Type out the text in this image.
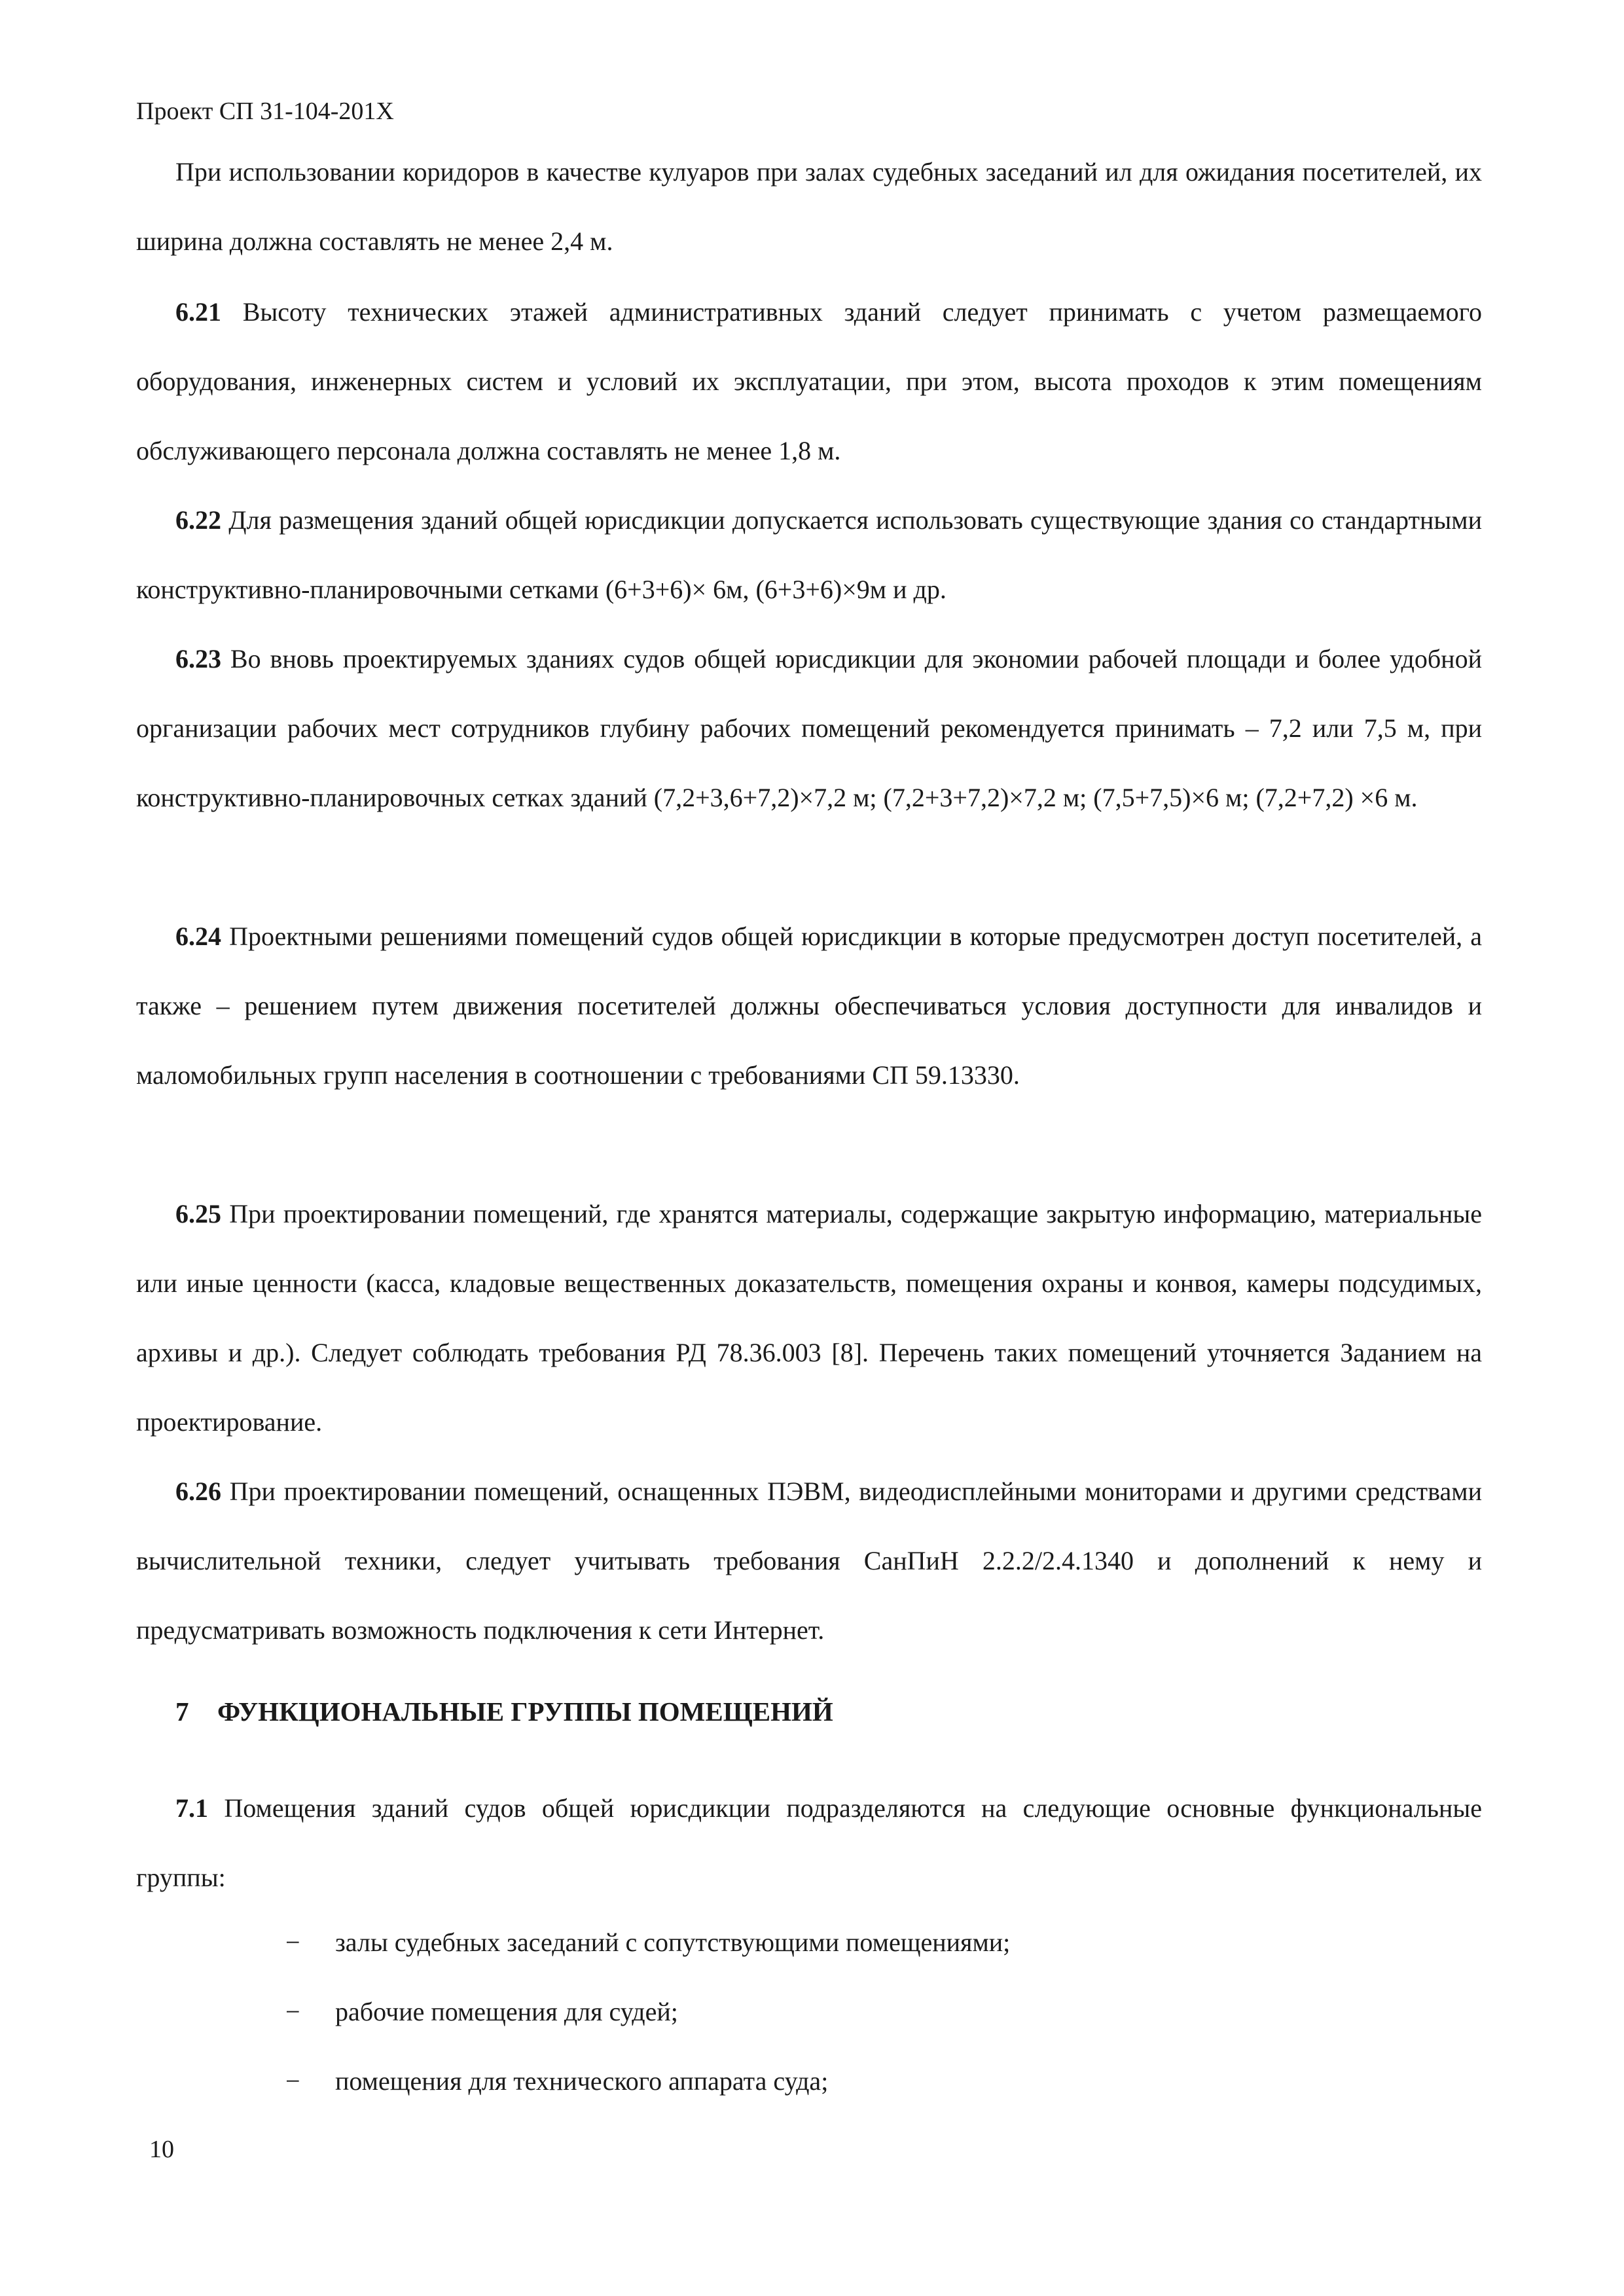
Проект СП 31-104-201Х

При использовании коридоров в качестве кулуаров при залах судебных заседаний ил для ожидания посетителей, их ширина должна составлять не менее 2,4 м.

6.21 Высоту технических этажей административных зданий следует принимать с учетом размещаемого оборудования, инженерных систем и условий их эксплуатации, при этом, высота проходов к этим помещениям обслуживающего персонала должна составлять не менее 1,8 м.

6.22 Для размещения зданий общей юрисдикции допускается использовать существующие здания со стандартными конструктивно-планировочными сетками (6+3+6)× 6м, (6+3+6)×9м и др.

6.23 Во вновь проектируемых зданиях судов общей юрисдикции для экономии рабочей площади и более удобной организации рабочих мест сотрудников глубину рабочих помещений рекомендуется принимать – 7,2 или 7,5 м, при конструктивно-планировочных сетках зданий (7,2+3,6+7,2)×7,2 м; (7,2+3+7,2)×7,2 м; (7,5+7,5)×6 м; (7,2+7,2) ×6 м.

6.24 Проектными решениями помещений судов общей юрисдикции в которые предусмотрен доступ посетителей, а также – решением путем движения посетителей должны обеспечиваться условия доступности для инвалидов и маломобильных групп населения в соотношении с требованиями СП 59.13330.

6.25 При проектировании помещений, где хранятся материалы, содержащие закрытую информацию, материальные или иные ценности (касса, кладовые вещественных доказательств, помещения охраны и конвоя, камеры подсудимых, архивы и др.). Следует соблюдать требования РД 78.36.003 [8]. Перечень таких помещений уточняется Заданием на проектирование.

6.26 При проектировании помещений, оснащенных ПЭВМ, видеодисплейными мониторами и другими средствами вычислительной техники, следует учитывать требования СанПиН 2.2.2/2.4.1340 и дополнений к нему и предусматривать возможность подключения к сети Интернет.

7 ФУНКЦИОНАЛЬНЫЕ ГРУППЫ ПОМЕЩЕНИЙ

7.1 Помещения зданий судов общей юрисдикции подразделяются на следующие основные функциональные группы:

− залы судебных заседаний с сопутствующими помещениями;
− рабочие помещения для судей;
− помещения для технического аппарата суда;
10
